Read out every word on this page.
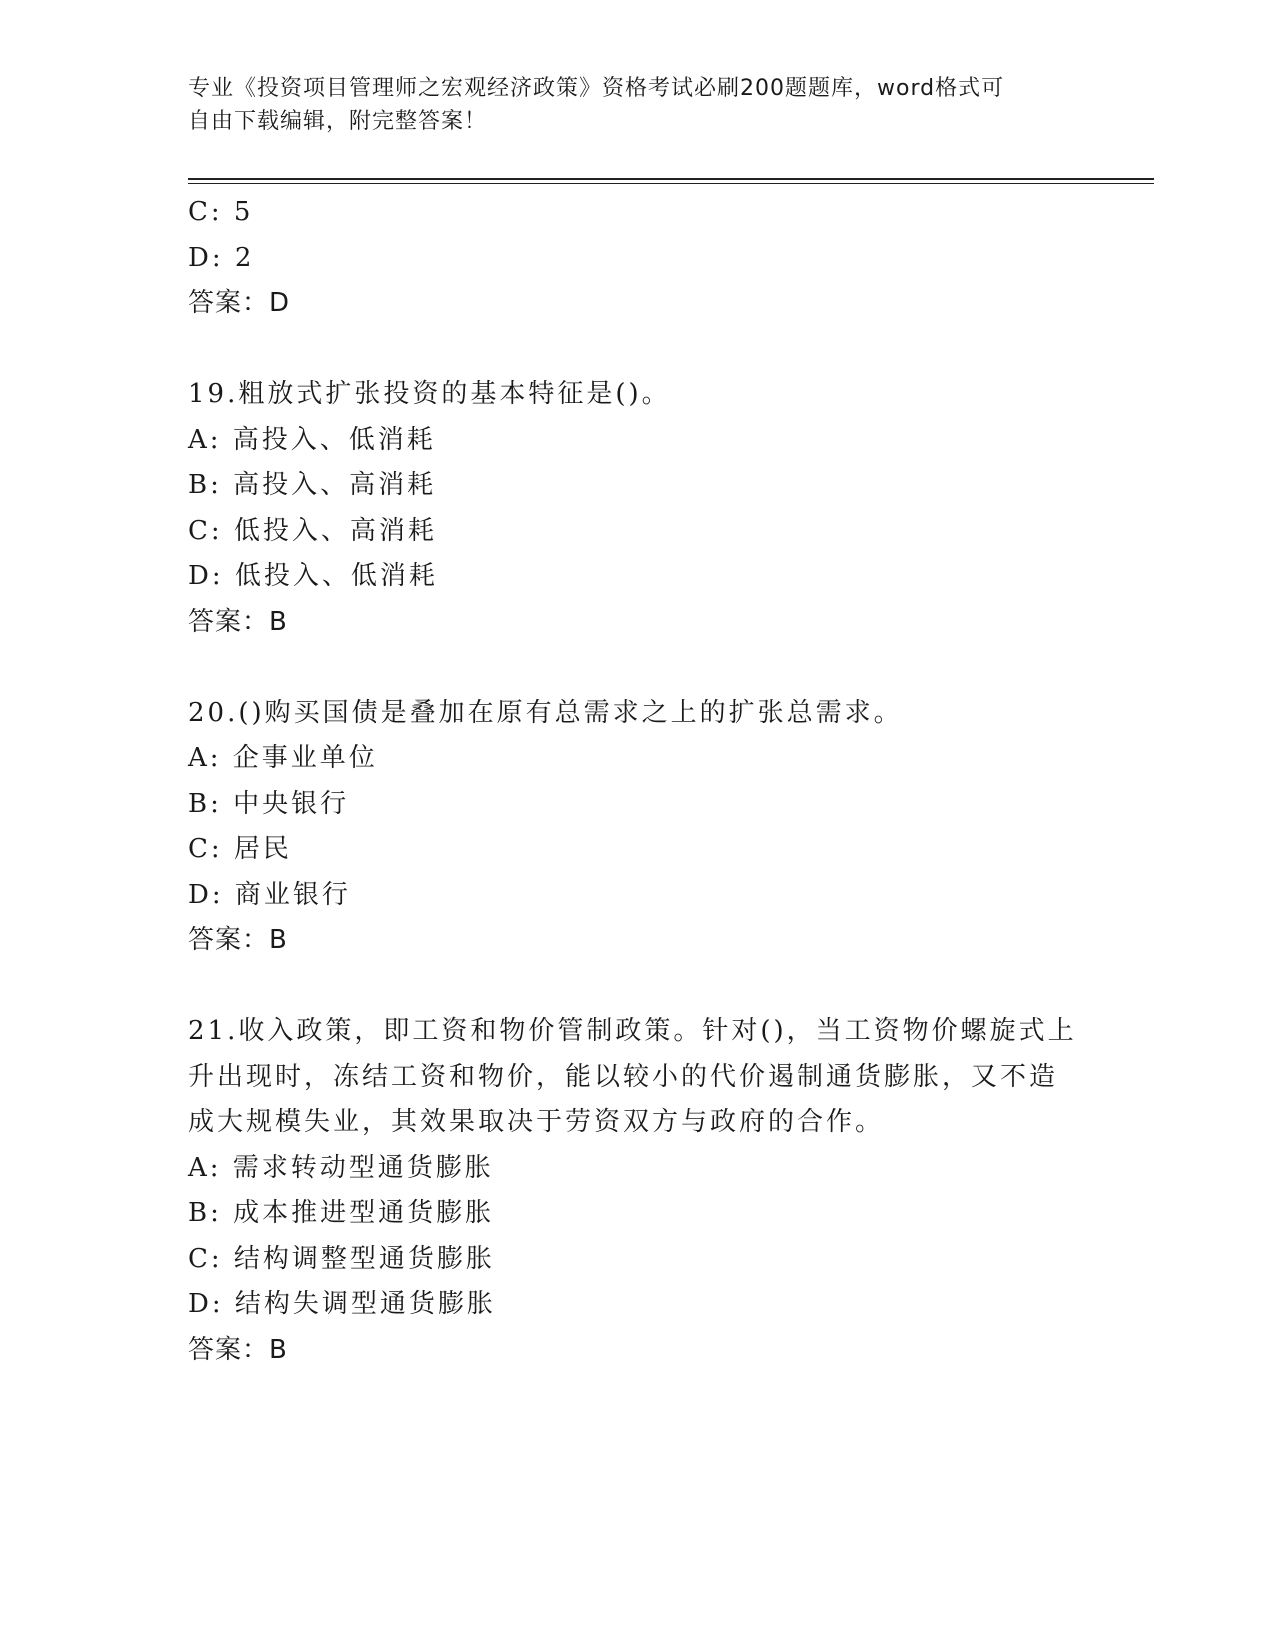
专业《投资项目管理师之宏观经济政策》资格考试必刷200题题库，word格式可
自由下载编辑，附完整答案！
C: 5
D: 2
答案：D
19.粗放式扩张投资的基本特征是()。
A: 高投入、低消耗
B: 高投入、高消耗
C: 低投入、高消耗
D: 低投入、低消耗
答案：B
20.()购买国债是叠加在原有总需求之上的扩张总需求。
A: 企事业单位
B: 中央银行
C: 居民
D: 商业银行
答案：B
21.收入政策，即工资和物价管制政策。针对()，当工资物价螺旋式上
升出现时，冻结工资和物价，能以较小的代价遏制通货膨胀，又不造
成大规模失业，其效果取决于劳资双方与政府的合作。
A: 需求转动型通货膨胀
B: 成本推进型通货膨胀
C: 结构调整型通货膨胀
D: 结构失调型通货膨胀
答案：B
